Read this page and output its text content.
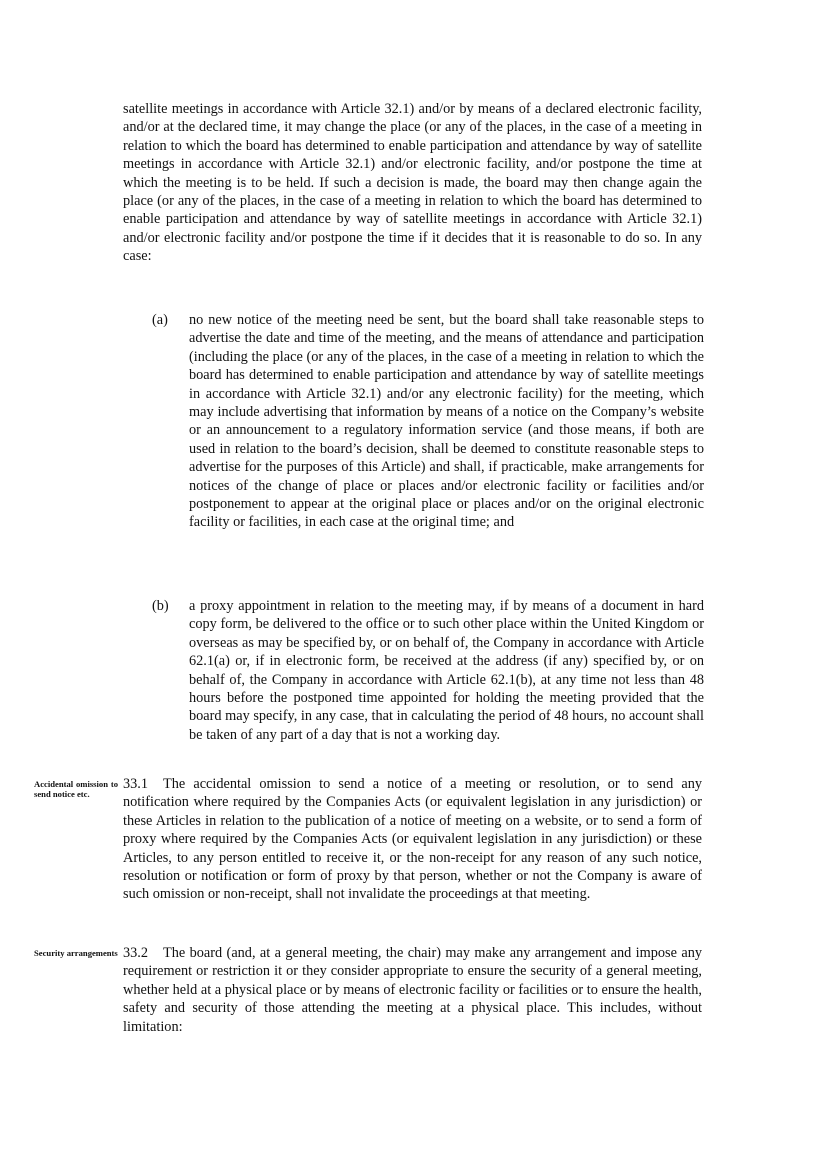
satellite meetings in accordance with Article 32.1) and/or by means of a declared electronic facility, and/or at the declared time, it may change the place (or any of the places, in the case of a meeting in relation to which the board has determined to enable participation and attendance by way of satellite meetings in accordance with Article 32.1) and/or electronic facility, and/or postpone the time at which the meeting is to be held. If such a decision is made, the board may then change again the place (or any of the places, in the case of a meeting in relation to which the board has determined to enable participation and attendance by way of satellite meetings in accordance with Article 32.1) and/or electronic facility and/or postpone the time if it decides that it is reasonable to do so. In any case:

(a) no new notice of the meeting need be sent, but the board shall take reasonable steps to advertise the date and time of the meeting, and the means of attendance and participation (including the place (or any of the places, in the case of a meeting in relation to which the board has determined to enable participation and attendance by way of satellite meetings in accordance with Article 32.1) and/or any electronic facility) for the meeting, which may include advertising that information by means of a notice on the Company’s website or an announcement to a regulatory information service (and those means, if both are used in relation to the board’s decision, shall be deemed to constitute reasonable steps to advertise for the purposes of this Article) and shall, if practicable, make arrangements for notices of the change of place or places and/or electronic facility or facilities and/or postponement to appear at the original place or places and/or on the original electronic facility or facilities, in each case at the original time; and

(b) a proxy appointment in relation to the meeting may, if by means of a document in hard copy form, be delivered to the office or to such other place within the United Kingdom or overseas as may be specified by, or on behalf of, the Company in accordance with Article 62.1(a) or, if in electronic form, be received at the address (if any) specified by, or on behalf of, the Company in accordance with Article 62.1(b), at any time not less than 48 hours before the postponed time appointed for holding the meeting provided that the board may specify, in any case, that in calculating the period of 48 hours, no account shall be taken of any part of a day that is not a working day.

Accidental omission to send notice etc.

33.1 The accidental omission to send a notice of a meeting or resolution, or to send any notification where required by the Companies Acts (or equivalent legislation in any jurisdiction) or these Articles in relation to the publication of a notice of meeting on a website, or to send a form of proxy where required by the Companies Acts (or equivalent legislation in any jurisdiction) or these Articles, to any person entitled to receive it, or the non-receipt for any reason of any such notice, resolution or notification or form of proxy by that person, whether or not the Company is aware of such omission or non-receipt, shall not invalidate the proceedings at that meeting.

Security arrangements 33.2 The board (and, at a general meeting, the chair) may make any arrangement and impose any requirement or restriction it or they consider appropriate to ensure the security of a general meeting, whether held at a physical place or by means of electronic facility or facilities or to ensure the health, safety and security of those attending the meeting at a physical place. This includes, without limitation:
